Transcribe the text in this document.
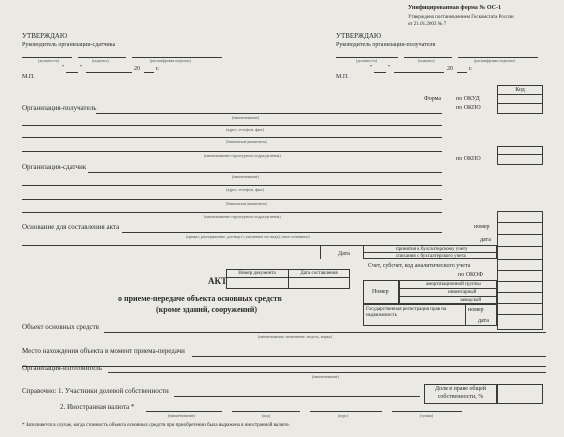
Унифицированная форма № ОС-1
Утверждена постановлением Госкомстата России
от 21.01.2003 № 7
УТВЕРЖДАЮ
Руководитель организации-сдатчика
(должность)	(подпись)	(расшифровка подписи)
"	"	20	г.
М.П.
УТВЕРЖДАЮ
Руководитель организации-получателя
(должность)	(подпись)	(расшифровка подписи)
"	"	20	г.
М.П.
Код
Форма по ОКУД
по ОКПО
Организация-получатель
(наименование)
(адрес, телефон, факс)
(банковские реквизиты)
(наименование структурного подразделения)
по ОКПО
Организация-сдатчик
(наименование)
(адрес, телефон, факс)
(банковские реквизиты)
(наименование структурного подразделения)
номер
дата
Основание для составления акта
(приказ, распоряжение, договор (с указанием его вида), иное основание)
Дата
принятия к бухгалтерскому учету
списания с бухгалтерского учета
Счет, субсчет, код аналитического учета
по ОКОФ
Номер
амортизационной группы
инвентарный
заводской
Государственная регистрация прав на недвижимость
номер
дата
АКТ
Номер документа	Дата составления
о приеме-передаче объекта основных средств
(кроме зданий, сооружений)
Объект основных средств
(наименование, назначение, модель, марка)
Место нахождения объекта в момент приема-передачи
Организация-изготовитель
(наименование)
Справочно: 1. Участники долевой собственности	Доля в праве общей собственности, %
2. Иностранная валюта *
(наименование)	(код)	(курс)	(сумма)
* Заполняется в случае, когда стоимость объекта основных средств при приобретении была выражена в иностранной валюте.
